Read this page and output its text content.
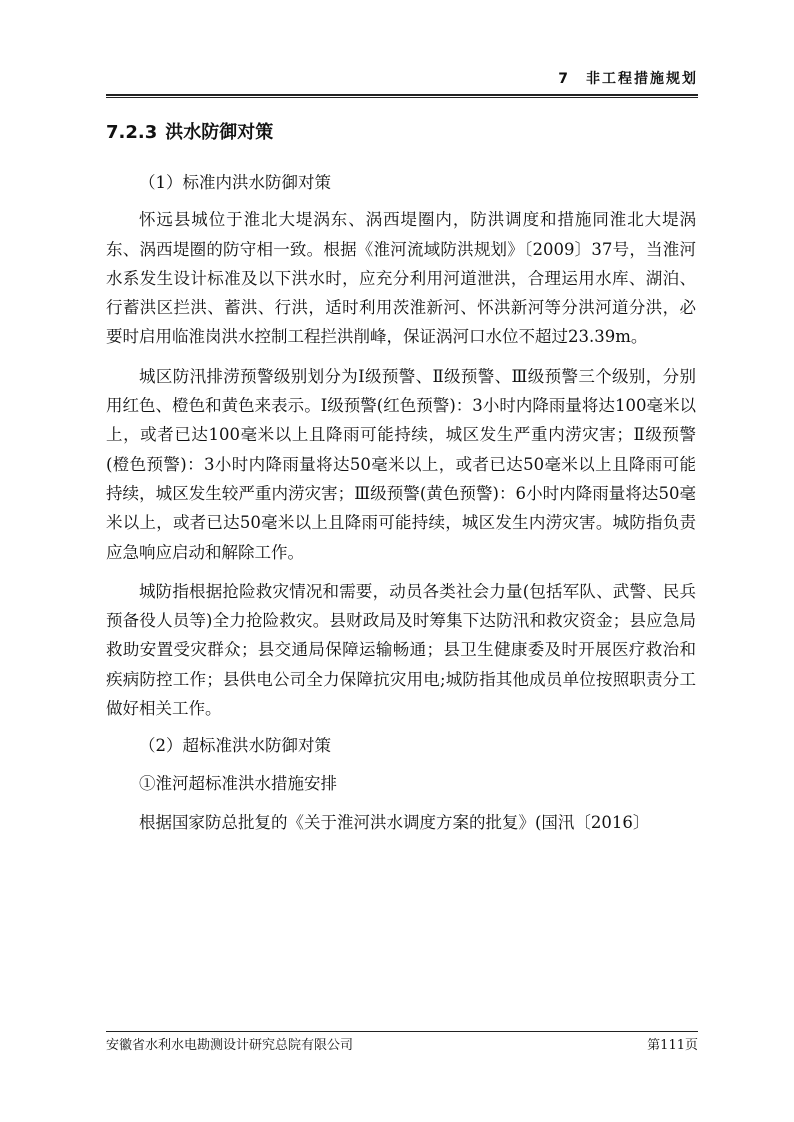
7　非工程措施规划
7.2.3 洪水防御对策

（1）标准内洪水防御对策

怀远县城位于淮北大堤涡东、涡西堤圈内，防洪调度和措施同淮北大堤涡东、涡西堤圈的防守相一致。根据《淮河流域防洪规划》〔2009〕37号，当淮河水系发生设计标准及以下洪水时，应充分利用河道泄洪，合理运用水库、湖泊、行蓄洪区拦洪、蓄洪、行洪，适时利用茨淮新河、怀洪新河等分洪河道分洪，必要时启用临淮岗洪水控制工程拦洪削峰，保证涡河口水位不超过23.39m。

城区防汛排涝预警级别划分为Ⅰ级预警、Ⅱ级预警、Ⅲ级预警三个级别，分别用红色、橙色和黄色来表示。Ⅰ级预警(红色预警)：3小时内降雨量将达100毫米以上，或者已达100毫米以上且降雨可能持续，城区发生严重内涝灾害；Ⅱ级预警(橙色预警)：3小时内降雨量将达50毫米以上，或者已达50毫米以上且降雨可能持续，城区发生较严重内涝灾害；Ⅲ级预警(黄色预警)：6小时内降雨量将达50毫米以上，或者已达50毫米以上且降雨可能持续，城区发生内涝灾害。城防指负责应急响应启动和解除工作。

城防指根据抢险救灾情况和需要，动员各类社会力量(包括军队、武警、民兵预备役人员等)全力抢险救灾。县财政局及时筹集下达防汛和救灾资金；县应急局救助安置受灾群众；县交通局保障运输畅通；县卫生健康委及时开展医疗救治和疾病防控工作；县供电公司全力保障抗灾用电;城防指其他成员单位按照职责分工做好相关工作。

（2）超标准洪水防御对策

①淮河超标准洪水措施安排

根据国家防总批复的《关于淮河洪水调度方案的批复》(国汛〔2016〕

安徽省水利水电勘测设计研究总院有限公司	第111页
